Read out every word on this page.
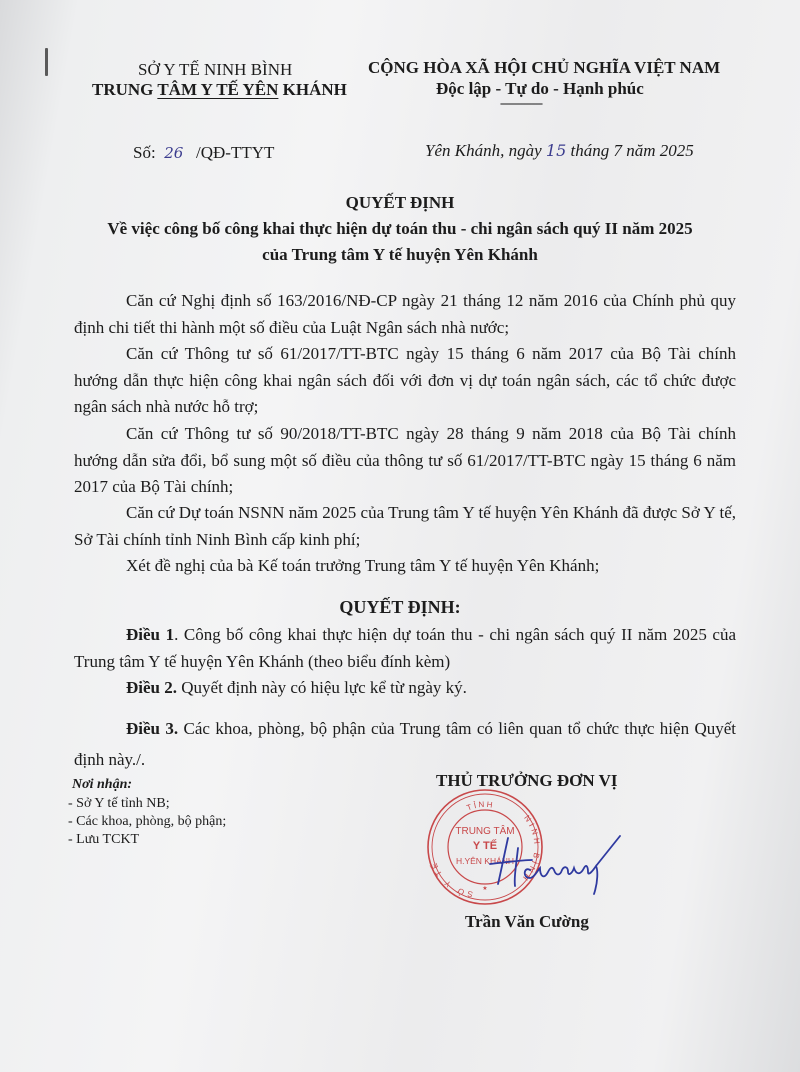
SỞ Y TẾ NINH BÌNH
TRUNG TÂM Y TẾ YÊN KHÁNH
CỘNG HÒA XÃ HỘI CHỦ NGHĨA VIỆT NAM
Độc lập - Tự do - Hạnh phúc
--------------
Số: 26 /QĐ-TTYT	Yên Khánh, ngày 15 tháng 7 năm 2025
QUYẾT ĐỊNH
Về việc công bố công khai thực hiện dự toán thu - chi ngân sách quý II năm 2025
của Trung tâm Y tế huyện Yên Khánh
Căn cứ Nghị định số 163/2016/NĐ-CP ngày 21 tháng 12 năm 2016 của Chính phủ quy định chi tiết thi hành một số điều của Luật Ngân sách nhà nước;
Căn cứ Thông tư số 61/2017/TT-BTC ngày 15 tháng 6 năm 2017 của Bộ Tài chính hướng dẫn thực hiện công khai ngân sách đối với đơn vị dự toán ngân sách, các tổ chức được ngân sách nhà nước hỗ trợ;
Căn cứ Thông tư số 90/2018/TT-BTC ngày 28 tháng 9 năm 2018 của Bộ Tài chính hướng dẫn sửa đổi, bổ sung một số điều của thông tư số 61/2017/TT-BTC ngày 15 tháng 6 năm 2017 của Bộ Tài chính;
Căn cứ Dự toán NSNN năm 2025 của Trung tâm Y tế huyện Yên Khánh đã được Sở Y tế, Sở Tài chính tỉnh Ninh Bình cấp kinh phí;
Xét đề nghị của bà Kế toán trưởng Trung tâm Y tế huyện Yên Khánh;
QUYẾT ĐỊNH:
Điều 1. Công bố công khai thực hiện dự toán thu - chi ngân sách quý II năm 2025 của Trung tâm Y tế huyện Yên Khánh (theo biểu đính kèm)
Điều 2. Quyết định này có hiệu lực kể từ ngày ký.
Điều 3. Các khoa, phòng, bộ phận của Trung tâm có liên quan tổ chức thực hiện Quyết định này./.
Nơi nhận:
- Sở Y tế tỉnh NB;
- Các khoa, phòng, bộ phận;
- Lưu TCKT
THỦ TRƯỞNG ĐƠN VỊ
TỈNH
SỞ Y TẾ
NINH BÌNH
TRUNG TÂM
Y TẾ
H.YÊN KHÁNH
★
Trần Văn Cường
